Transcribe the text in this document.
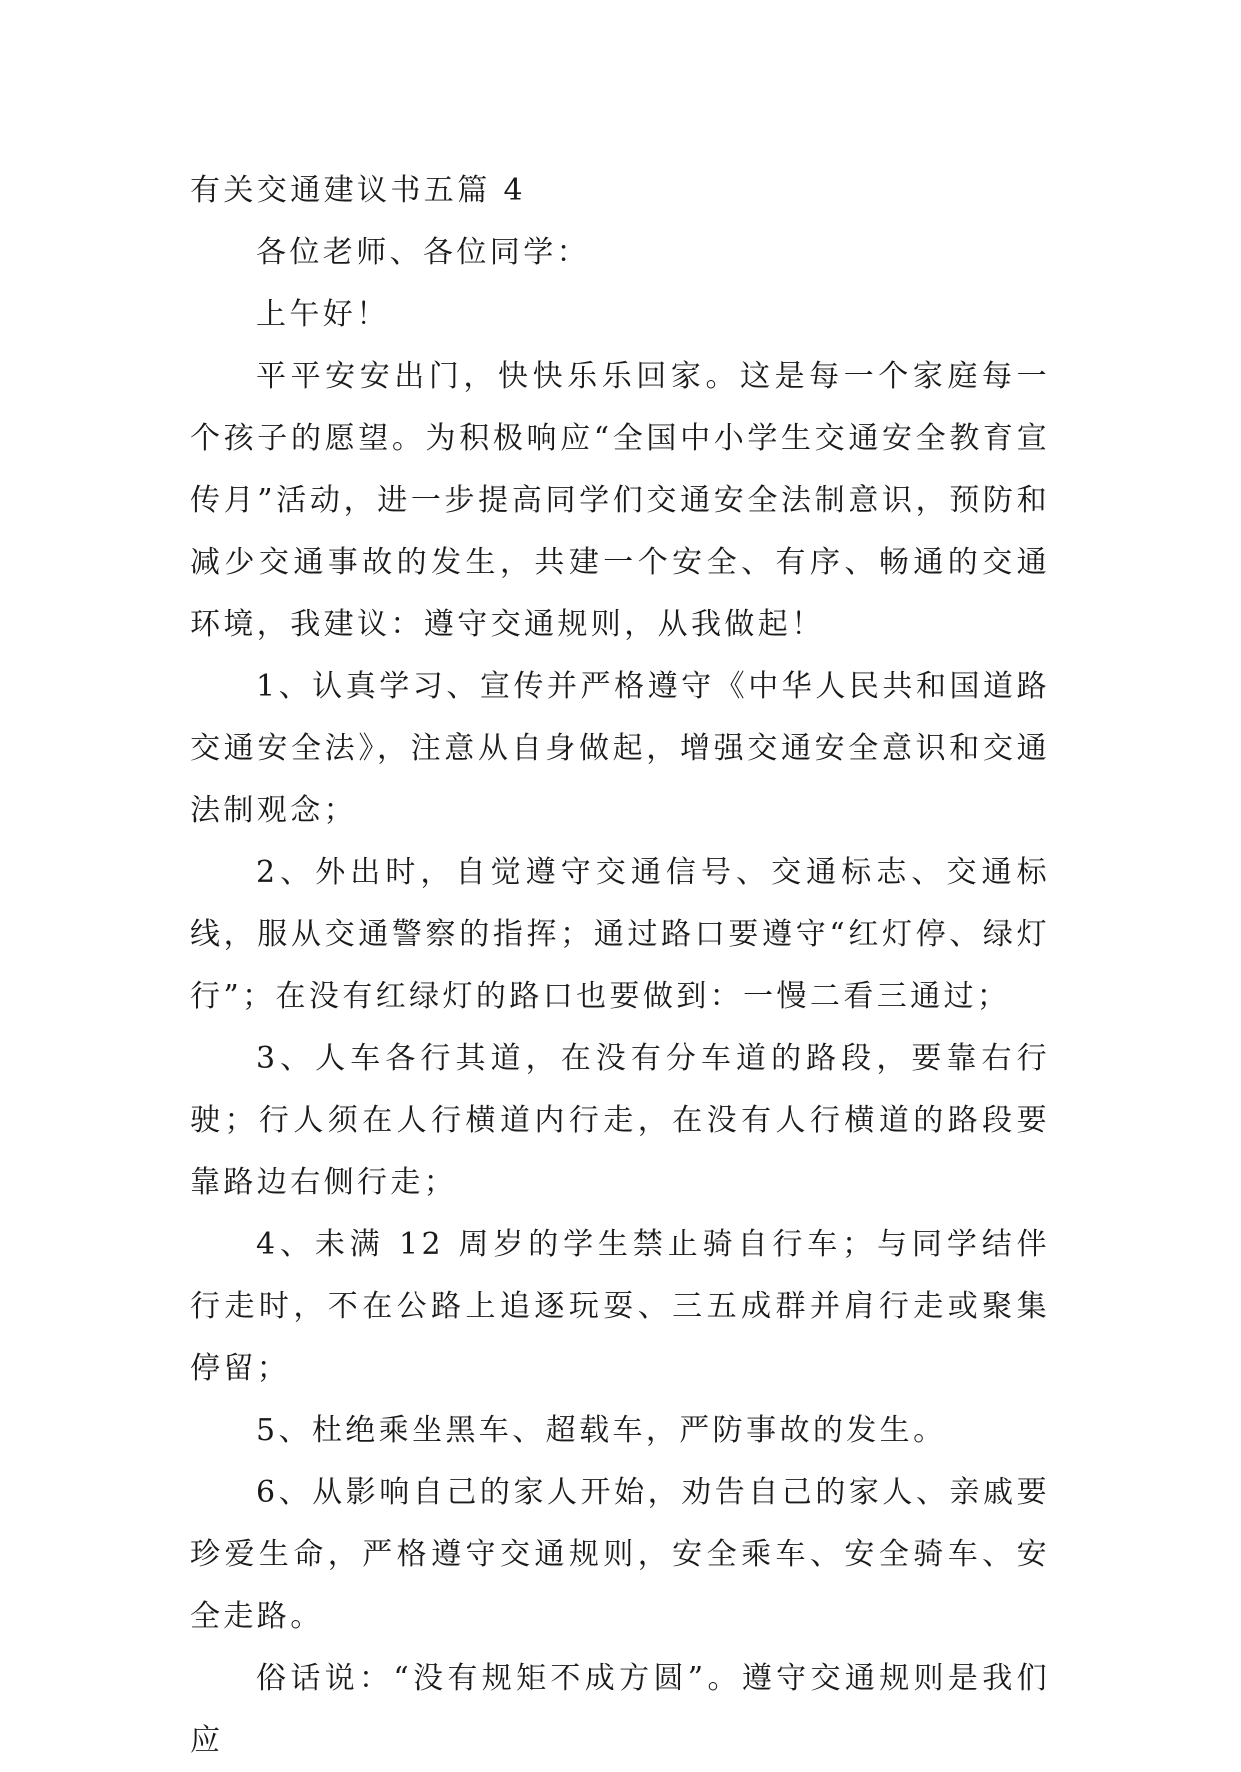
有关交通建议书五篇 4

各位老师、各位同学：

上午好！

平平安安出门，快快乐乐回家。这是每一个家庭每一个孩子的愿望。为积极响应“全国中小学生交通安全教育宣传月”活动，进一步提高同学们交通安全法制意识，预防和减少交通事故的发生，共建一个安全、有序、畅通的交通环境，我建议：遵守交通规则，从我做起！

1、认真学习、宣传并严格遵守《中华人民共和国道路交通安全法》，注意从自身做起，增强交通安全意识和交通法制观念；

2、外出时，自觉遵守交通信号、交通标志、交通标线，服从交通警察的指挥；通过路口要遵守“红灯停、绿灯行”；在没有红绿灯的路口也要做到：一慢二看三通过；

3、人车各行其道，在没有分车道的路段，要靠右行驶；行人须在人行横道内行走，在没有人行横道的路段要靠路边右侧行走；

4、未满 12 周岁的学生禁止骑自行车；与同学结伴行走时，不在公路上追逐玩耍、三五成群并肩行走或聚集停留；

5、杜绝乘坐黑车、超载车，严防事故的发生。

6、从影响自己的家人开始，劝告自己的家人、亲戚要珍爱生命，严格遵守交通规则，安全乘车、安全骑车、安全走路。

俗话说：“没有规矩不成方圆”。遵守交通规则是我们应
